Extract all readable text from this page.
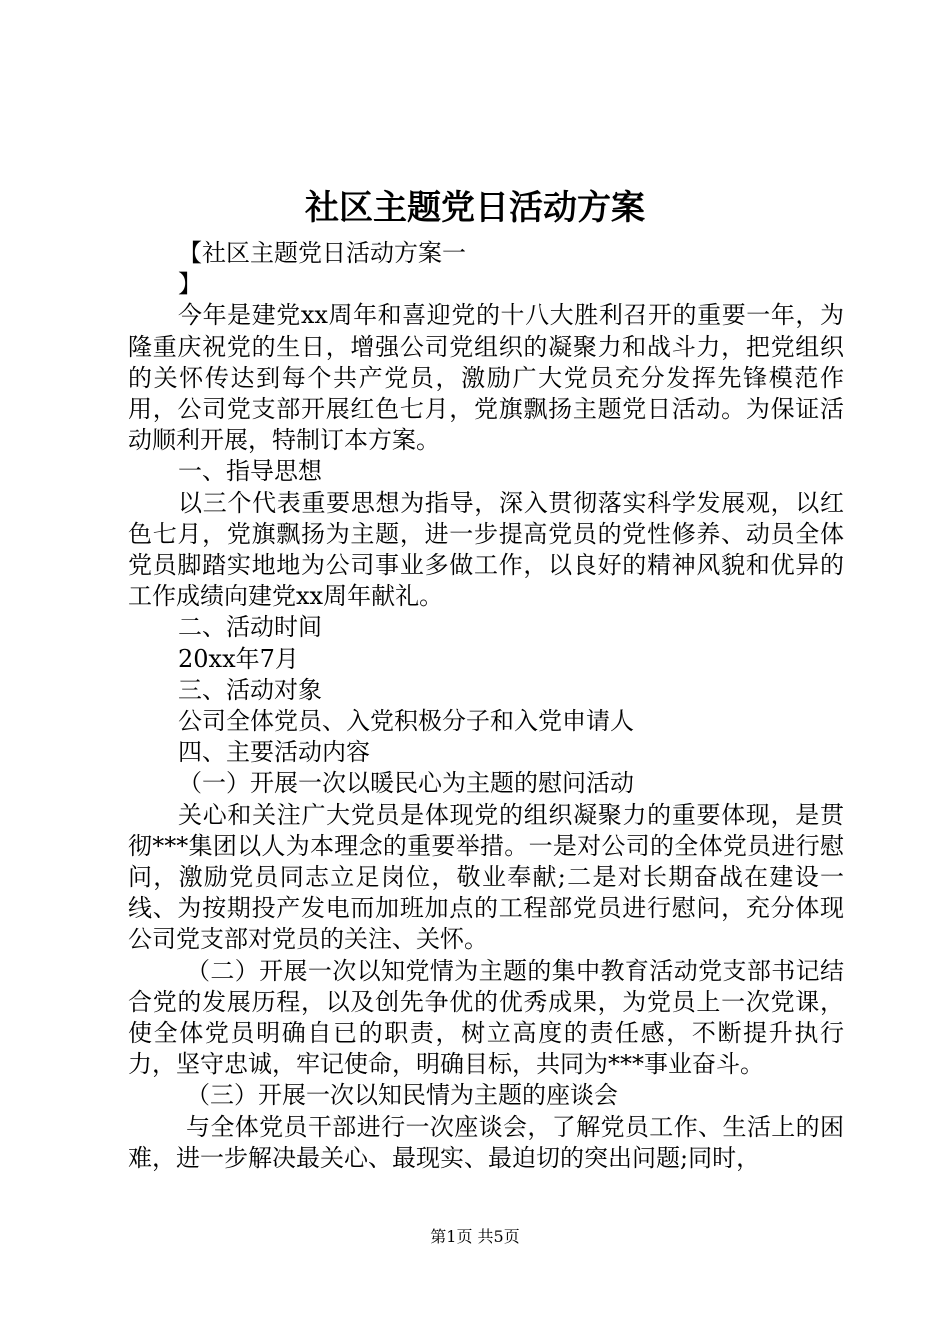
社区主题党日活动方案

【社区主题党日活动方案一

】

今年是建党xx周年和喜迎党的十八大胜利召开的重要一年，为隆重庆祝党的生日，增强公司党组织的凝聚力和战斗力，把党组织的关怀传达到每个共产党员，激励广大党员充分发挥先锋模范作用，公司党支部开展红色七月，党旗飘扬主题党日活动。为保证活动顺利开展，特制订本方案。

一、指导思想

以三个代表重要思想为指导，深入贯彻落实科学发展观，以红色七月，党旗飘扬为主题，进一步提高党员的党性修养、动员全体党员脚踏实地地为公司事业多做工作，以良好的精神风貌和优异的工作成绩向建党xx周年献礼。

二、活动时间

20xx年7月

三、活动对象

公司全体党员、入党积极分子和入党申请人

四、主要活动内容

（一）开展一次以暖民心为主题的慰问活动

关心和关注广大党员是体现党的组织凝聚力的重要体现，是贯彻***集团以人为本理念的重要举措。一是对公司的全体党员进行慰问，激励党员同志立足岗位，敬业奉献;二是对长期奋战在建设一线、为按期投产发电而加班加点的工程部党员进行慰问，充分体现公司党支部对党员的关注、关怀。

（二）开展一次以知党情为主题的集中教育活动党支部书记结合党的发展历程，以及创先争优的优秀成果，为党员上一次党课，使全体党员明确自已的职责，树立高度的责任感，不断提升执行力，坚守忠诚，牢记使命，明确目标，共同为***事业奋斗。

（三）开展一次以知民情为主题的座谈会

与全体党员干部进行一次座谈会，了解党员工作、生活上的困难，进一步解决最关心、最现实、最迫切的突出问题;同时，

第1页 共5页
